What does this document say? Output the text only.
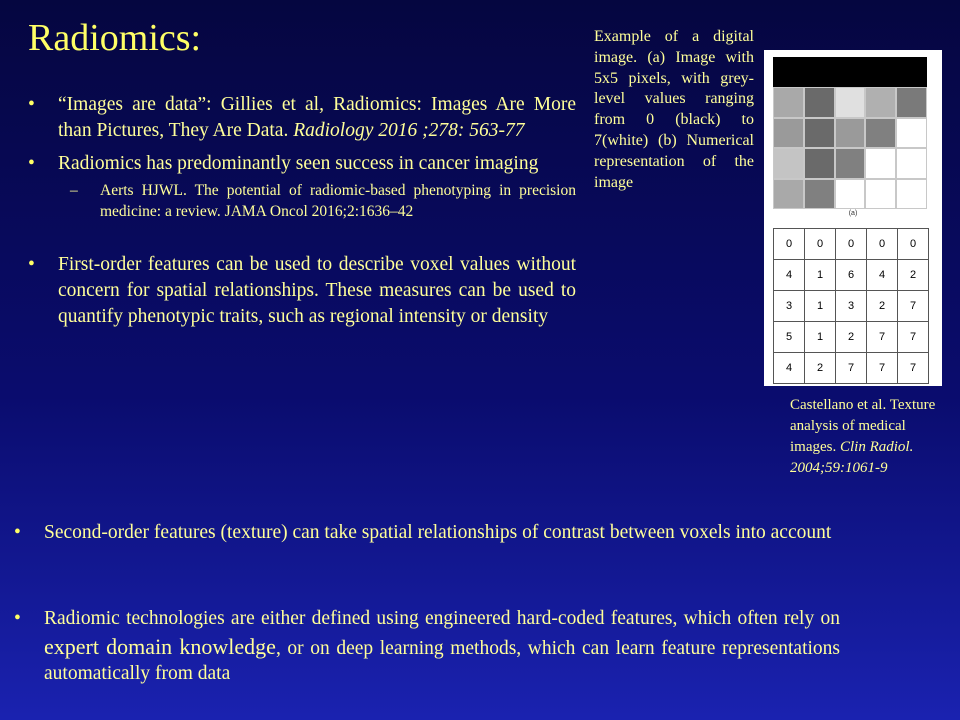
Radiomics:
•	“Images are data”: Gillies et al, Radiomics: Images Are More than Pictures, They Are Data. Radiology 2016 ;278: 563-77
•	Radiomics has predominantly seen success in cancer imaging
–	Aerts HJWL. The potential of radiomic-based phenotyping in precision medicine: a review. JAMA Oncol 2016;2:1636–42
•	First-order features can be used to describe voxel values without concern for spatial relationships. These measures can be used to quantify phenotypic traits, such as regional intensity or density
Example of a digital image. (a) Image with 5x5 pixels, with grey-level values ranging from 0 (black) to 7(white) (b) Numerical representation of the image
(a)
0	0	0	0	0
4	1	6	4	2
3	1	3	2	7
5	1	2	7	7
4	2	7	7	7
Castellano et al. Texture analysis of medical images. Clin Radiol. 2004;59:1061-9
•	Second-order features (texture) can take spatial relationships of contrast between voxels into account
•	Radiomic technologies are either defined using engineered hard-coded features, which often rely on expert domain knowledge, or on deep learning methods, which can learn feature representations automatically from data
